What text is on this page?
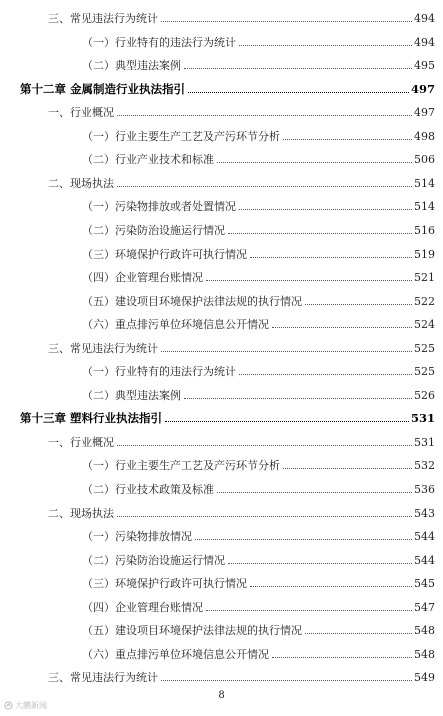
三、常见违法行为统计	494
（一）行业特有的违法行为统计	494
（二）典型违法案例	495
第十二章 金属制造行业执法指引	497
一、行业概况	497
（一）行业主要生产工艺及产污环节分析	498
（二）行业产业技术和标准	506
二、现场执法	514
（一）污染物排放或者处置情况	514
（二）污染防治设施运行情况	516
（三）环境保护行政许可执行情况	519
（四）企业管理台账情况	521
（五）建设项目环境保护法律法规的执行情况	522
（六）重点排污单位环境信息公开情况	524
三、常见违法行为统计	525
（一）行业特有的违法行为统计	525
（二）典型违法案例	526
第十三章 塑料行业执法指引	531
一、行业概况	531
（一）行业主要生产工艺及产污环节分析	532
（二）行业技术政策及标准	536
二、现场执法	543
（一）污染物排放情况	544
（二）污染防治设施运行情况	544
（三）环境保护行政许可执行情况	545
（四）企业管理台账情况	547
（五）建设项目环境保护法律法规的执行情况	548
（六）重点排污单位环境信息公开情况	548
三、常见违法行为统计	549
8
大鹏新闻
